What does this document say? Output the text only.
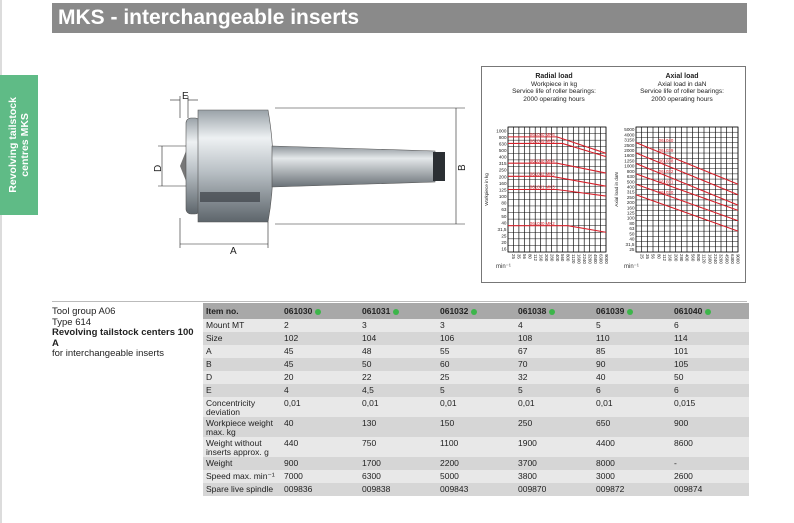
Revolving tailstock
centres MKS
MKS - interchangeable inserts
E
D
A
B
Radial load
Workpiece in kg
Service life of roller bearings:
2000 operating hours
Axial load
Axial load in daN
Service life of roller bearings:
2000 operating hours
1000
800
630
500
400
315
250
200
160
125
100
80
63
50
40
31,5
25
20
16
25 35 56 80 112 160 200 280 400 560 800 1120 1600 2240 3200 4500 6300 9000
Workpiece in kg
061040 MK6
061039 MK5
061038 MK4
061032 MK3
061031 MK3
061030 MK2
5000
4000
3150
2500
2000
1600
1250
1000
800
630
500
400
315
250
200
160
125
100
80
63
50
40
31,5
25
25 35 56 80 112 160 200 280 400 560 800 1120 1600 2240 3200 4500 6300 9000
Axial load in daN
061040
061039
061038
061032
061031
061030
min⁻¹	min⁻¹
Tool group A06
Type 614
Revolving tailstock centers 100 A
for interchangeable inserts
Item no.	061030	061031	061032	061038	061039	061040
Mount MT	2	3	3	4	5	6
Size	102	104	106	108	110	114
A	45	48	55	67	85	101
B	45	50	60	70	90	105
D	20	22	25	32	40	50
E	4	4,5	5	5	6	6
Concentricity deviation	0,01	0,01	0,01	0,01	0,01	0,015
Workpiece weight max. kg	40	130	150	250	650	900
Weight without inserts approx. g	440	750	1100	1900	4400	8600
Weight	900	1700	2200	3700	8000	-
Speed max. min⁻¹	7000	6300	5000	3800	3000	2600
Spare live spindle	009836	009838	009843	009870	009872	009874
